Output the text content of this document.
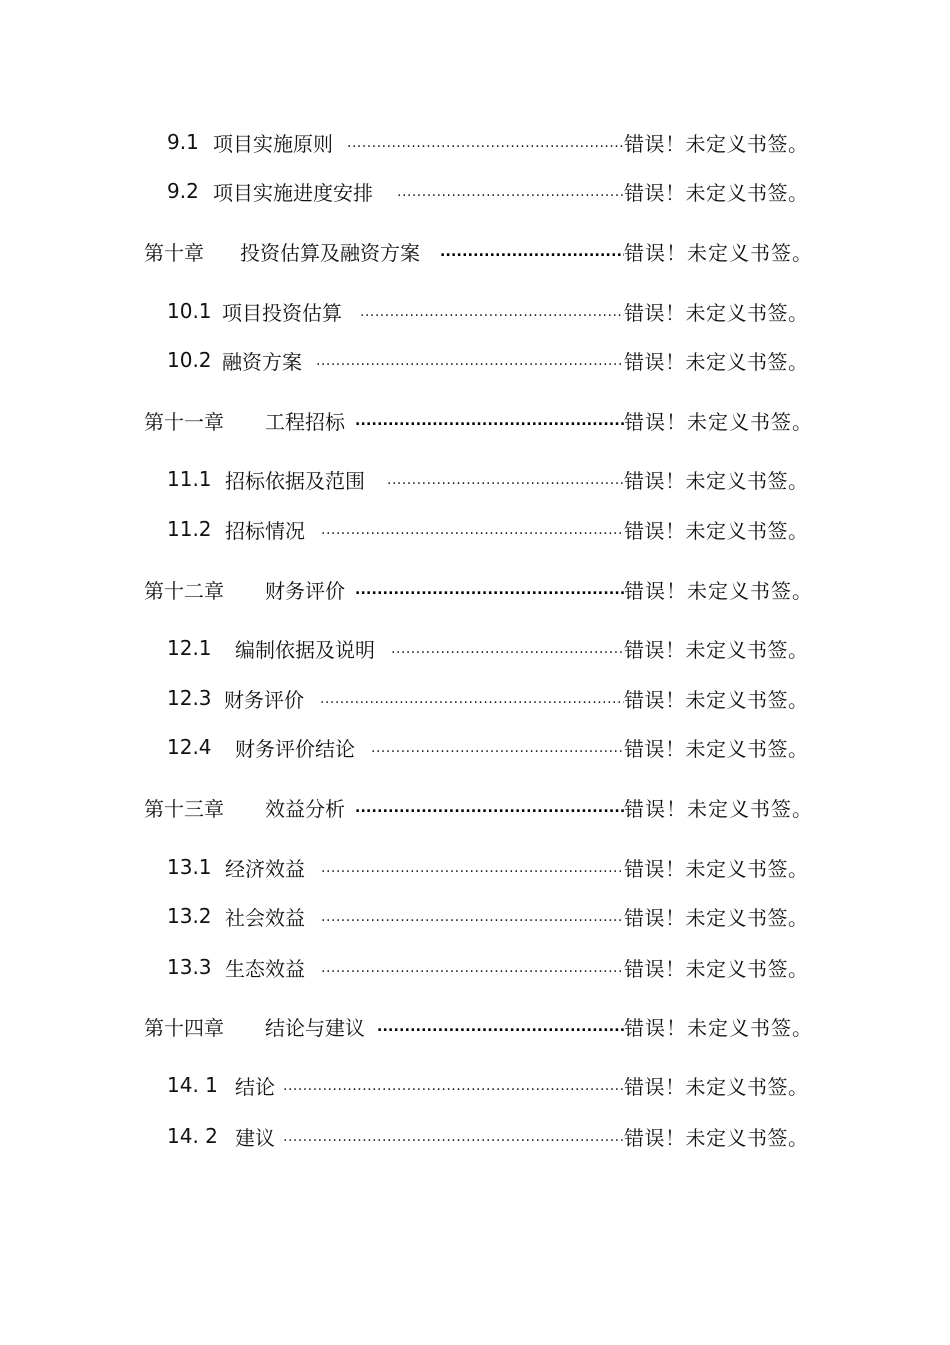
9.1 项目实施原则 .....	错误！未定义书签。
9.2 项目实施进度安排 .....	错误！未定义书签。
第十章	投资估算及融资方案 .....	错误！未定义书签。
10.1 项目投资估算 .....	错误！未定义书签。
10.2 融资方案 .....	错误！未定义书签。
第十一章	工程招标 .....	错误！未定义书签。
11.1 招标依据及范围 .....	错误！未定义书签。
11.2 招标情况 .....	错误！未定义书签。
第十二章	财务评价 .....	错误！未定义书签。
12.1	编制依据及说明 .....	错误！未定义书签。
12.3 财务评价 .....	错误！未定义书签。
12.4	财务评价结论 .....	错误！未定义书签。
第十三章	效益分析 .....	错误！未定义书签。
13.1 经济效益 .....	错误！未定义书签。
13.2 社会效益 .....	错误！未定义书签。
13.3 生态效益 .....	错误！未定义书签。
第十四章	结论与建议 .....	错误！未定义书签。
14. 1 结论 .....	错误！未定义书签。
14. 2 建议 .....	错误！未定义书签。
